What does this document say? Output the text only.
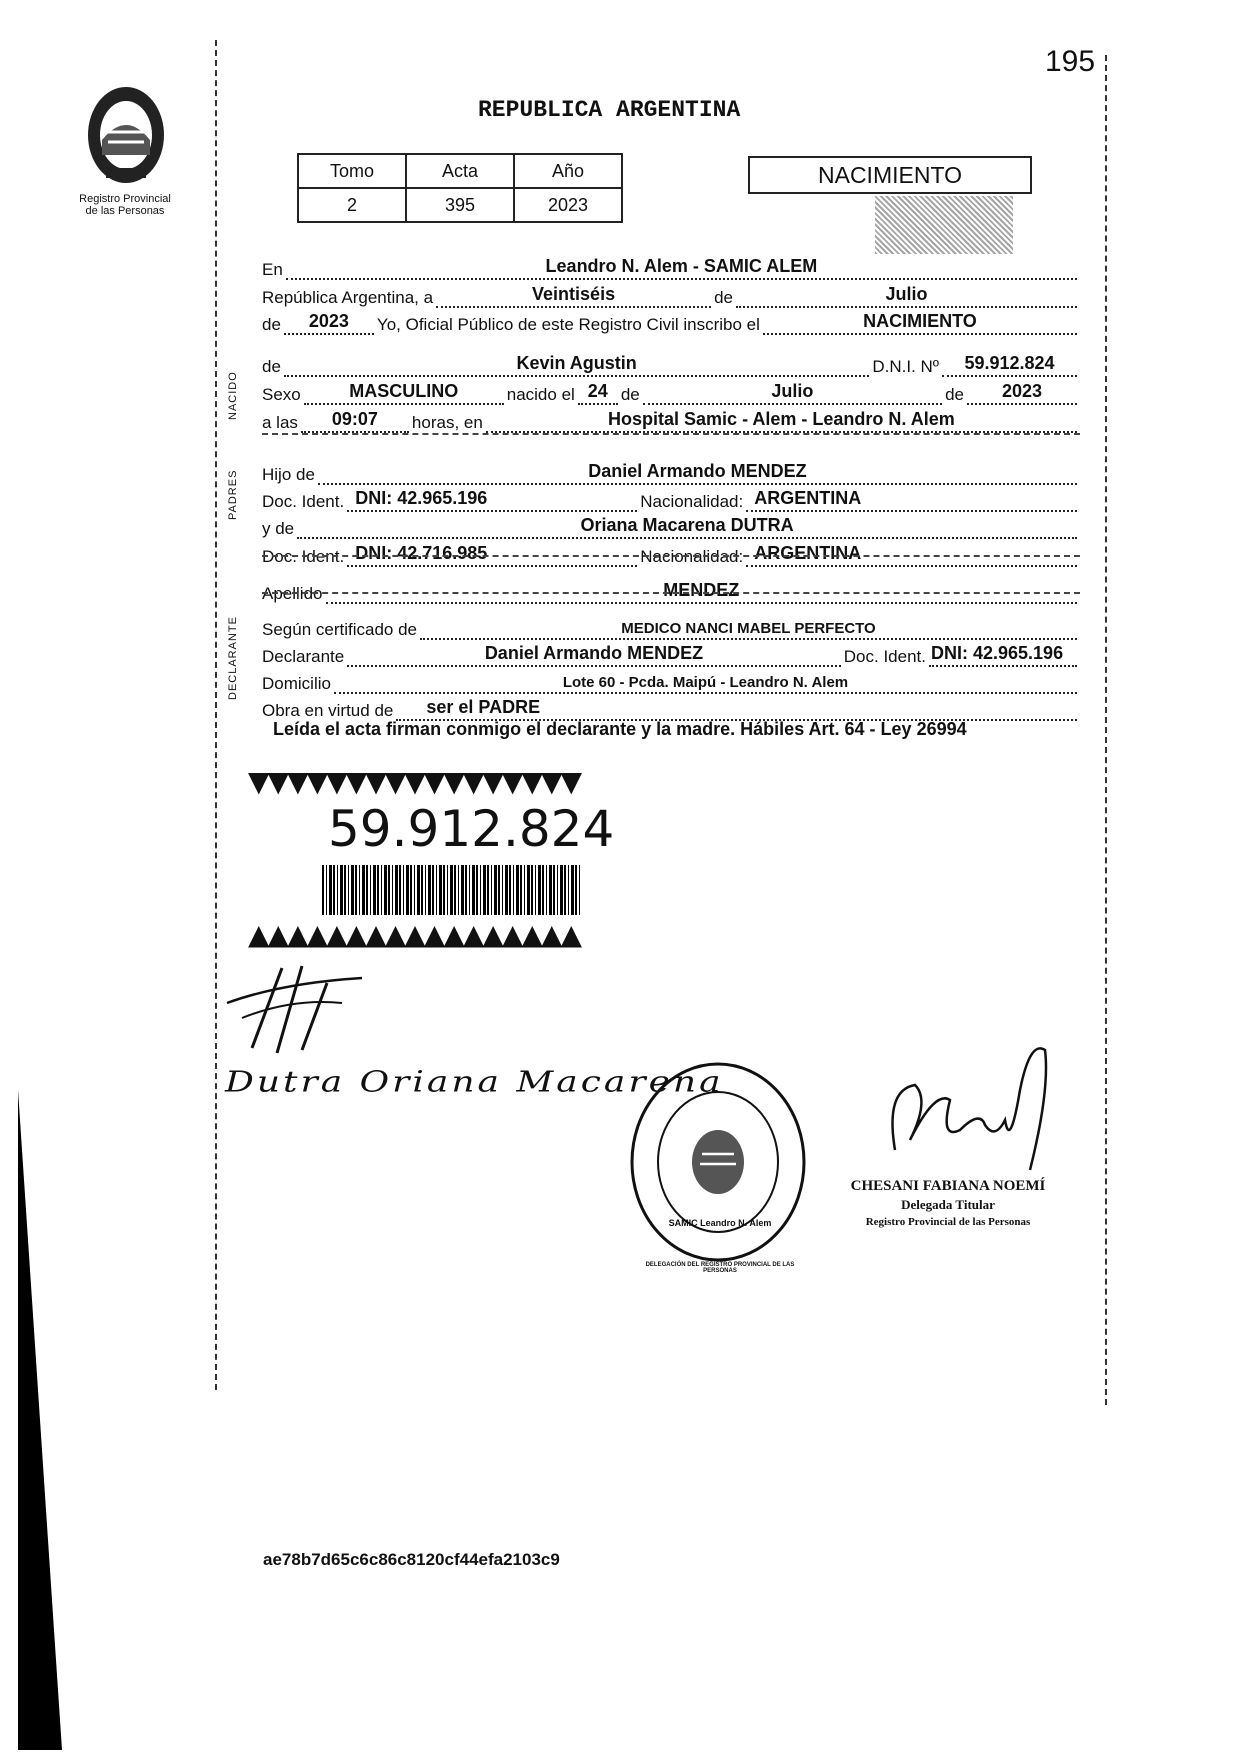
195
Registro Provincial
de las Personas
REPUBLICA ARGENTINA
Tomo	Acta	Año
2	395	2023
NACIMIENTO
En	Leandro N. Alem - SAMIC ALEM
República Argentina, a	Veintiséis	de	Julio
de	2023	Yo, Oficial Público de este Registro Civil inscribo el	NACIMIENTO
NACIDO
de	Kevin Agustin	D.N.I. Nº	59.912.824
Sexo	MASCULINO	nacido el 24 de	Julio	de	2023
a las	09:07	horas, en	Hospital Samic - Alem - Leandro N. Alem
PADRES Hijo de	Daniel Armando MENDEZ
Doc. Ident. DNI: 42.965.196	Nacionalidad: ARGENTINA
y de	Oriana Macarena DUTRA
Doc. Ident. DNI: 42.716.985	Nacionalidad: ARGENTINA
Apellido	MENDEZ
DECLARANTE Según certificado de	MEDICO NANCI MABEL PERFECTO
Declarante	Daniel Armando MENDEZ	Doc. Ident. DNI: 42.965.196
Domicilio	Lote 60 - Pcda. Maipú - Leandro N. Alem
Obra en virtud de	ser el PADRE
Leída el acta firman conmigo el declarante y la madre. Hábiles Art. 64 - Ley 26994
▼▼▼▼▼▼▼▼▼▼▼▼▼▼▼▼▼
59.912.824
▲▲▲▲▲▲▲▲▲▲▲▲▲▲▲▲▲
Dutra Oriana Macarena
DELEGACIÓN DEL REGISTRO PROVINCIAL DE LAS PERSONAS
SAMIC Leandro N. Alem
CHESANI FABIANA NOEMÍ
Delegada Titular
Registro Provincial de las Personas
ae78b7d65c6c86c8120cf44efa2103c9
